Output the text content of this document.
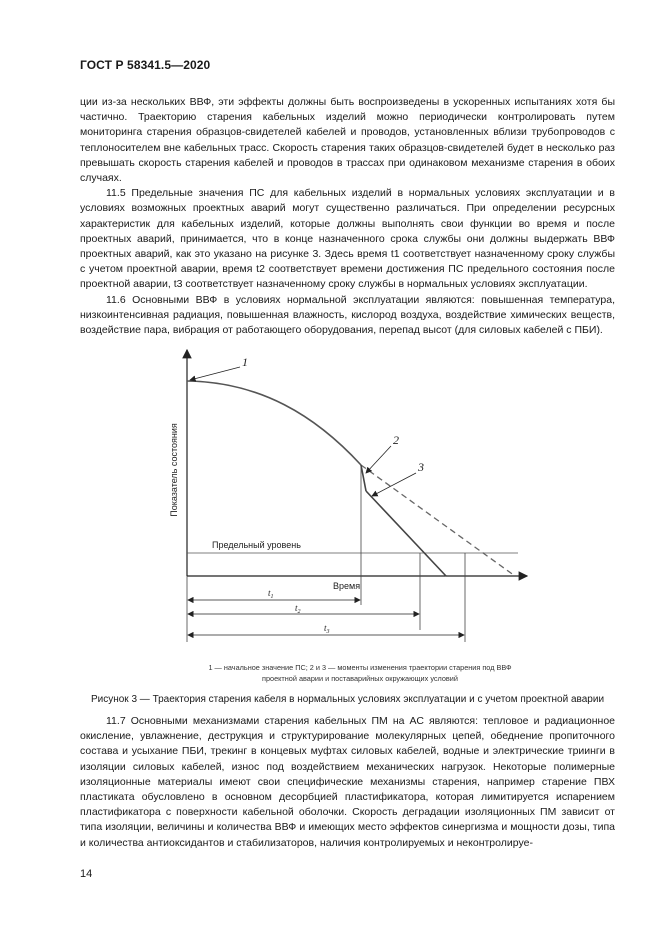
ГОСТ Р 58341.5—2020

ции из-за нескольких ВВФ, эти эффекты должны быть воспроизведены в ускоренных испытаниях хотя бы частично. Траекторию старения кабельных изделий можно периодически контролировать путем мониторинга старения образцов-свидетелей кабелей и проводов, установленных вблизи трубопроводов с теплоносителем вне кабельных трасс. Скорость старения таких образцов-свидетелей будет в несколько раз превышать скорость старения кабелей и проводов в трассах при одинаковом механизме старения в обоих случаях.

11.5 Предельные значения ПС для кабельных изделий в нормальных условиях эксплуатации и в условиях возможных проектных аварий могут существенно различаться. При определении ресурсных характеристик для кабельных изделий, которые должны выполнять свои функции во время и после проектных аварий, принимается, что в конце назначенного срока службы они должны выдержать ВВФ проектных аварий, как это указано на рисунке 3. Здесь время t1 соответствует назначенному сроку службы с учетом проектной аварии, время t2 соответствует времени достижения ПС предельного состояния после проектной аварии, t3 соответствует назначенному сроку службы в нормальных условиях эксплуатации.

11.6 Основными ВВФ в условиях нормальной эксплуатации являются: повышенная температура, низкоинтенсивная радиация, повышенная влажность, кислород воздуха, воздействие химических веществ, воздействие пара, вибрация от работающего оборудования, перепад высот (для силовых кабелей с ПБИ).

Показатель состояния
Предельный уровень
1
2
3
Время
$t_1$
$t_2$
$t_3$
1 — начальное значение ПС; 2 и 3 — моменты изменения траектории старения под ВВФ
проектной аварии и поставарийных окружающих условий
Рисунок 3 — Траектория старения кабеля в нормальных условиях эксплуатации и с учетом проектной аварии

11.7 Основными механизмами старения кабельных ПМ на АС являются: тепловое и радиационное окисление, увлажнение, деструкция и структурирование молекулярных цепей, обеднение пропиточного состава и усыхание ПБИ, трекинг в концевых муфтах силовых кабелей, водные и электрические триинги в изоляции силовых кабелей, износ под воздействием механических нагрузок. Некоторые полимерные изоляционные материалы имеют свои специфические механизмы старения, например старение ПВХ пластиката обусловлено в основном десорбцией пластификатора, которая лимитируется испарением пластификатора с поверхности кабельной оболочки. Скорость деградации изоляционных ПМ зависит от типа изоляции, величины и количества ВВФ и имеющих место эффектов синергизма и мощности дозы, типа и количества антиоксидантов и стабилизаторов, наличия контролируемых и неконтролируе-

14
